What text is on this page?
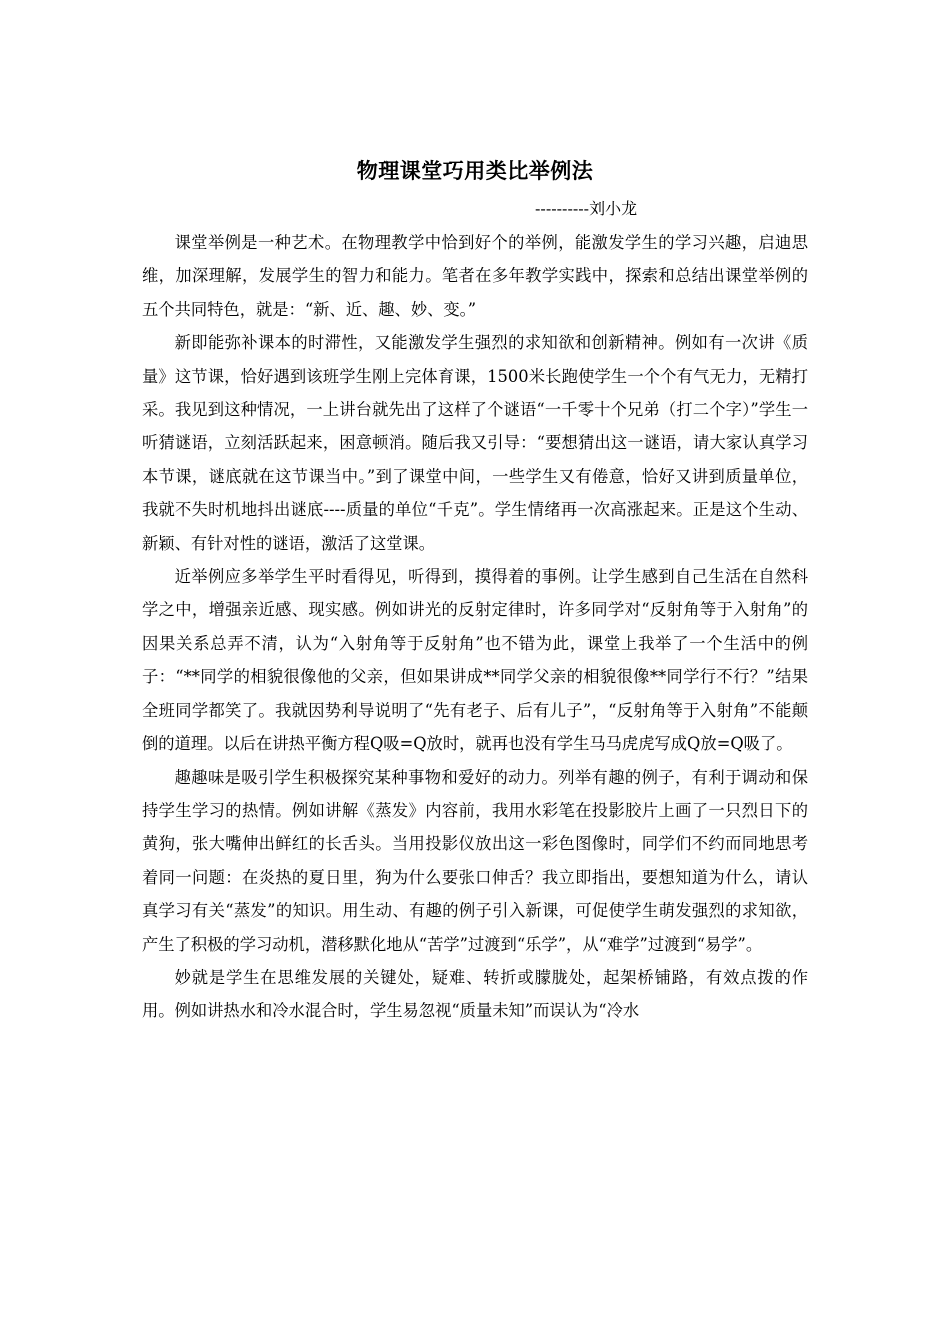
物理课堂巧用类比举例法
----------刘小龙

课堂举例是一种艺术。在物理教学中恰到好个的举例，能激发学生的学习兴趣，启迪思维，加深理解，发展学生的智力和能力。笔者在多年教学实践中，探索和总结出课堂举例的五个共同特色，就是：“新、近、趣、妙、变。”

新即能弥补课本的时滞性，又能激发学生强烈的求知欲和创新精神。例如有一次讲《质量》这节课，恰好遇到该班学生刚上完体育课，1500米长跑使学生一个个有气无力，无精打采。我见到这种情况，一上讲台就先出了这样了个谜语“一千零十个兄弟（打二个字）”学生一听猜谜语，立刻活跃起来，困意顿消。随后我又引导：“要想猜出这一谜语，请大家认真学习本节课，谜底就在这节课当中。”到了课堂中间，一些学生又有倦意，恰好又讲到质量单位，我就不失时机地抖出谜底----质量的单位“千克”。学生情绪再一次高涨起来。正是这个生动、新颖、有针对性的谜语，激活了这堂课。

近举例应多举学生平时看得见，听得到，摸得着的事例。让学生感到自己生活在自然科学之中，增强亲近感、现实感。例如讲光的反射定律时，许多同学对“反射角等于入射角”的因果关系总弄不清，认为“入射角等于反射角”也不错为此，课堂上我举了一个生活中的例子：“**同学的相貌很像他的父亲，但如果讲成**同学父亲的相貌很像**同学行不行？”结果全班同学都笑了。我就因势利导说明了“先有老子、后有儿子”，“反射角等于入射角”不能颠倒的道理。以后在讲热平衡方程Q吸=Q放时，就再也没有学生马马虎虎写成Q放=Q吸了。

趣趣味是吸引学生积极探究某种事物和爱好的动力。列举有趣的例子，有利于调动和保持学生学习的热情。例如讲解《蒸发》内容前，我用水彩笔在投影胶片上画了一只烈日下的黄狗，张大嘴伸出鲜红的长舌头。当用投影仪放出这一彩色图像时，同学们不约而同地思考着同一问题：在炎热的夏日里，狗为什么要张口伸舌？我立即指出，要想知道为什么，请认真学习有关“蒸发”的知识。用生动、有趣的例子引入新课，可促使学生萌发强烈的求知欲，产生了积极的学习动机，潜移默化地从“苦学”过渡到“乐学”，从“难学”过渡到“易学”。

妙就是学生在思维发展的关键处，疑难、转折或朦胧处，起架桥铺路，有效点拨的作用。例如讲热水和冷水混合时，学生易忽视“质量未知”而误认为“冷水
